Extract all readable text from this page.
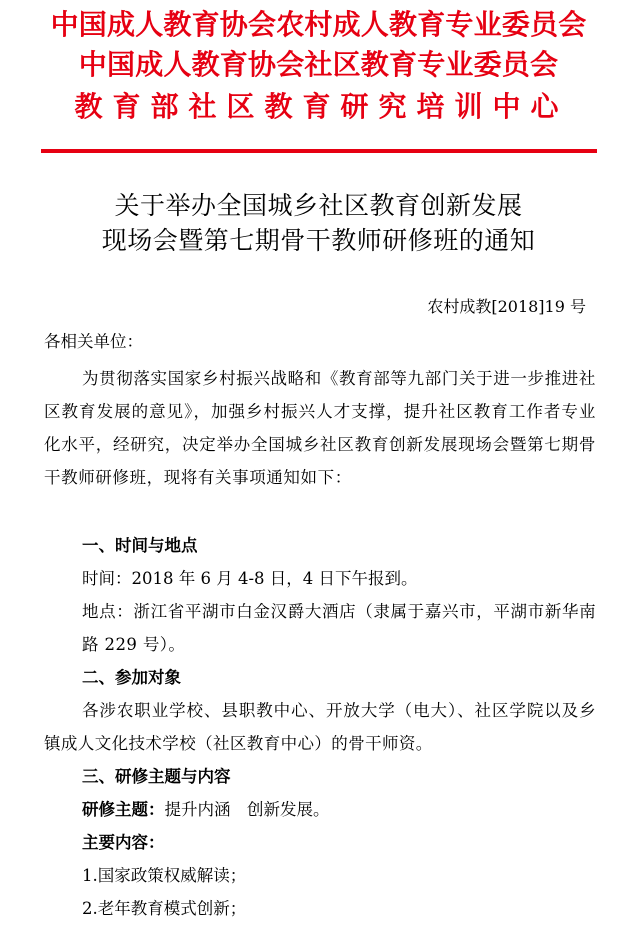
中国成人教育协会农村成人教育专业委员会
中国成人教育协会社区教育专业委员会
教育部社区教育研究培训中心
关于举办全国城乡社区教育创新发展
现场会暨第七期骨干教师研修班的通知
农村成教[2018]19 号
各相关单位：
为贯彻落实国家乡村振兴战略和《教育部等九部门关于进一步推进社区教育发展的意见》，加强乡村振兴人才支撑，提升社区教育工作者专业化水平，经研究，决定举办全国城乡社区教育创新发展现场会暨第七期骨干教师研修班，现将有关事项通知如下：
一、时间与地点
时间：2018 年 6 月 4-8 日，4 日下午报到。
地点：浙江省平湖市白金汉爵大酒店（隶属于嘉兴市，平湖市新华南路 229 号）。
二、参加对象
各涉农职业学校、县职教中心、开放大学（电大）、社区学院以及乡镇成人文化技术学校（社区教育中心）的骨干师资。
三、研修主题与内容
研修主题：提升内涵　创新发展。
主要内容：
1.国家政策权威解读；
2.老年教育模式创新；
